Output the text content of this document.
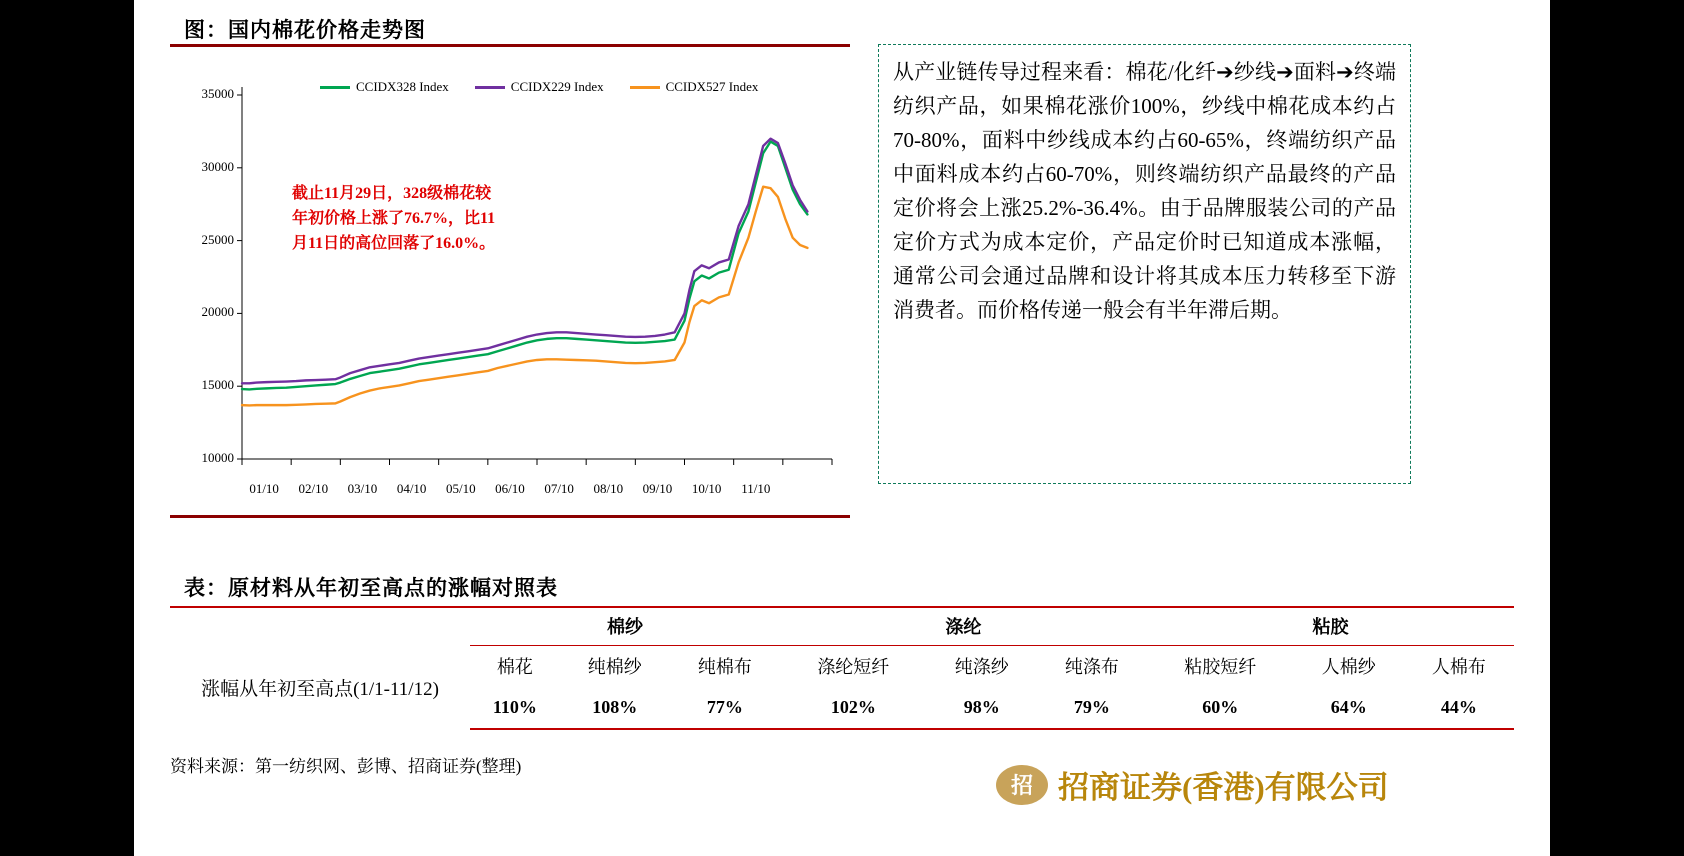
图：国内棉花价格走势图
CCIDX328 Index	CCIDX229 Index	CCIDX527 Index
10000
15000
20000
25000
30000
35000
01/10	02/10	03/10	04/10	05/10	06/10	07/10	08/10	09/10	10/10	11/10
截止11月29日，328级棉花较年初价格上涨了76.7%，比11月11日的高位回落了16.0%。

从产业链传导过程来看：棉花/化纤➔纱线➔面料➔终端纺织产品，如果棉花涨价100%，纱线中棉花成本约占70-80%，面料中纱线成本约占60-65%，终端纺织产品中面料成本约占60-70%，则终端纺织产品最终的产品定价将会上涨25.2%-36.4%。由于品牌服装公司的产品定价方式为成本定价，产品定价时已知道成本涨幅，通常公司会通过品牌和设计将其成本压力转移至下游消费者。而价格传递一般会有半年滞后期。

表：原材料从年初至高点的涨幅对照表
	棉纱			涤纶			粘胶		
涨幅从年初至高点(1/1-11/12)	棉花	纯棉纱	纯棉布	涤纶短纤	纯涤纱	纯涤布	粘胶短纤	人棉纱	人棉布
	110%	108%	77%	102%	98%	79%	60%	64%	44%
资料来源：第一纺织网、彭博、招商证券(整理)
招 招商证券(香港)有限公司
